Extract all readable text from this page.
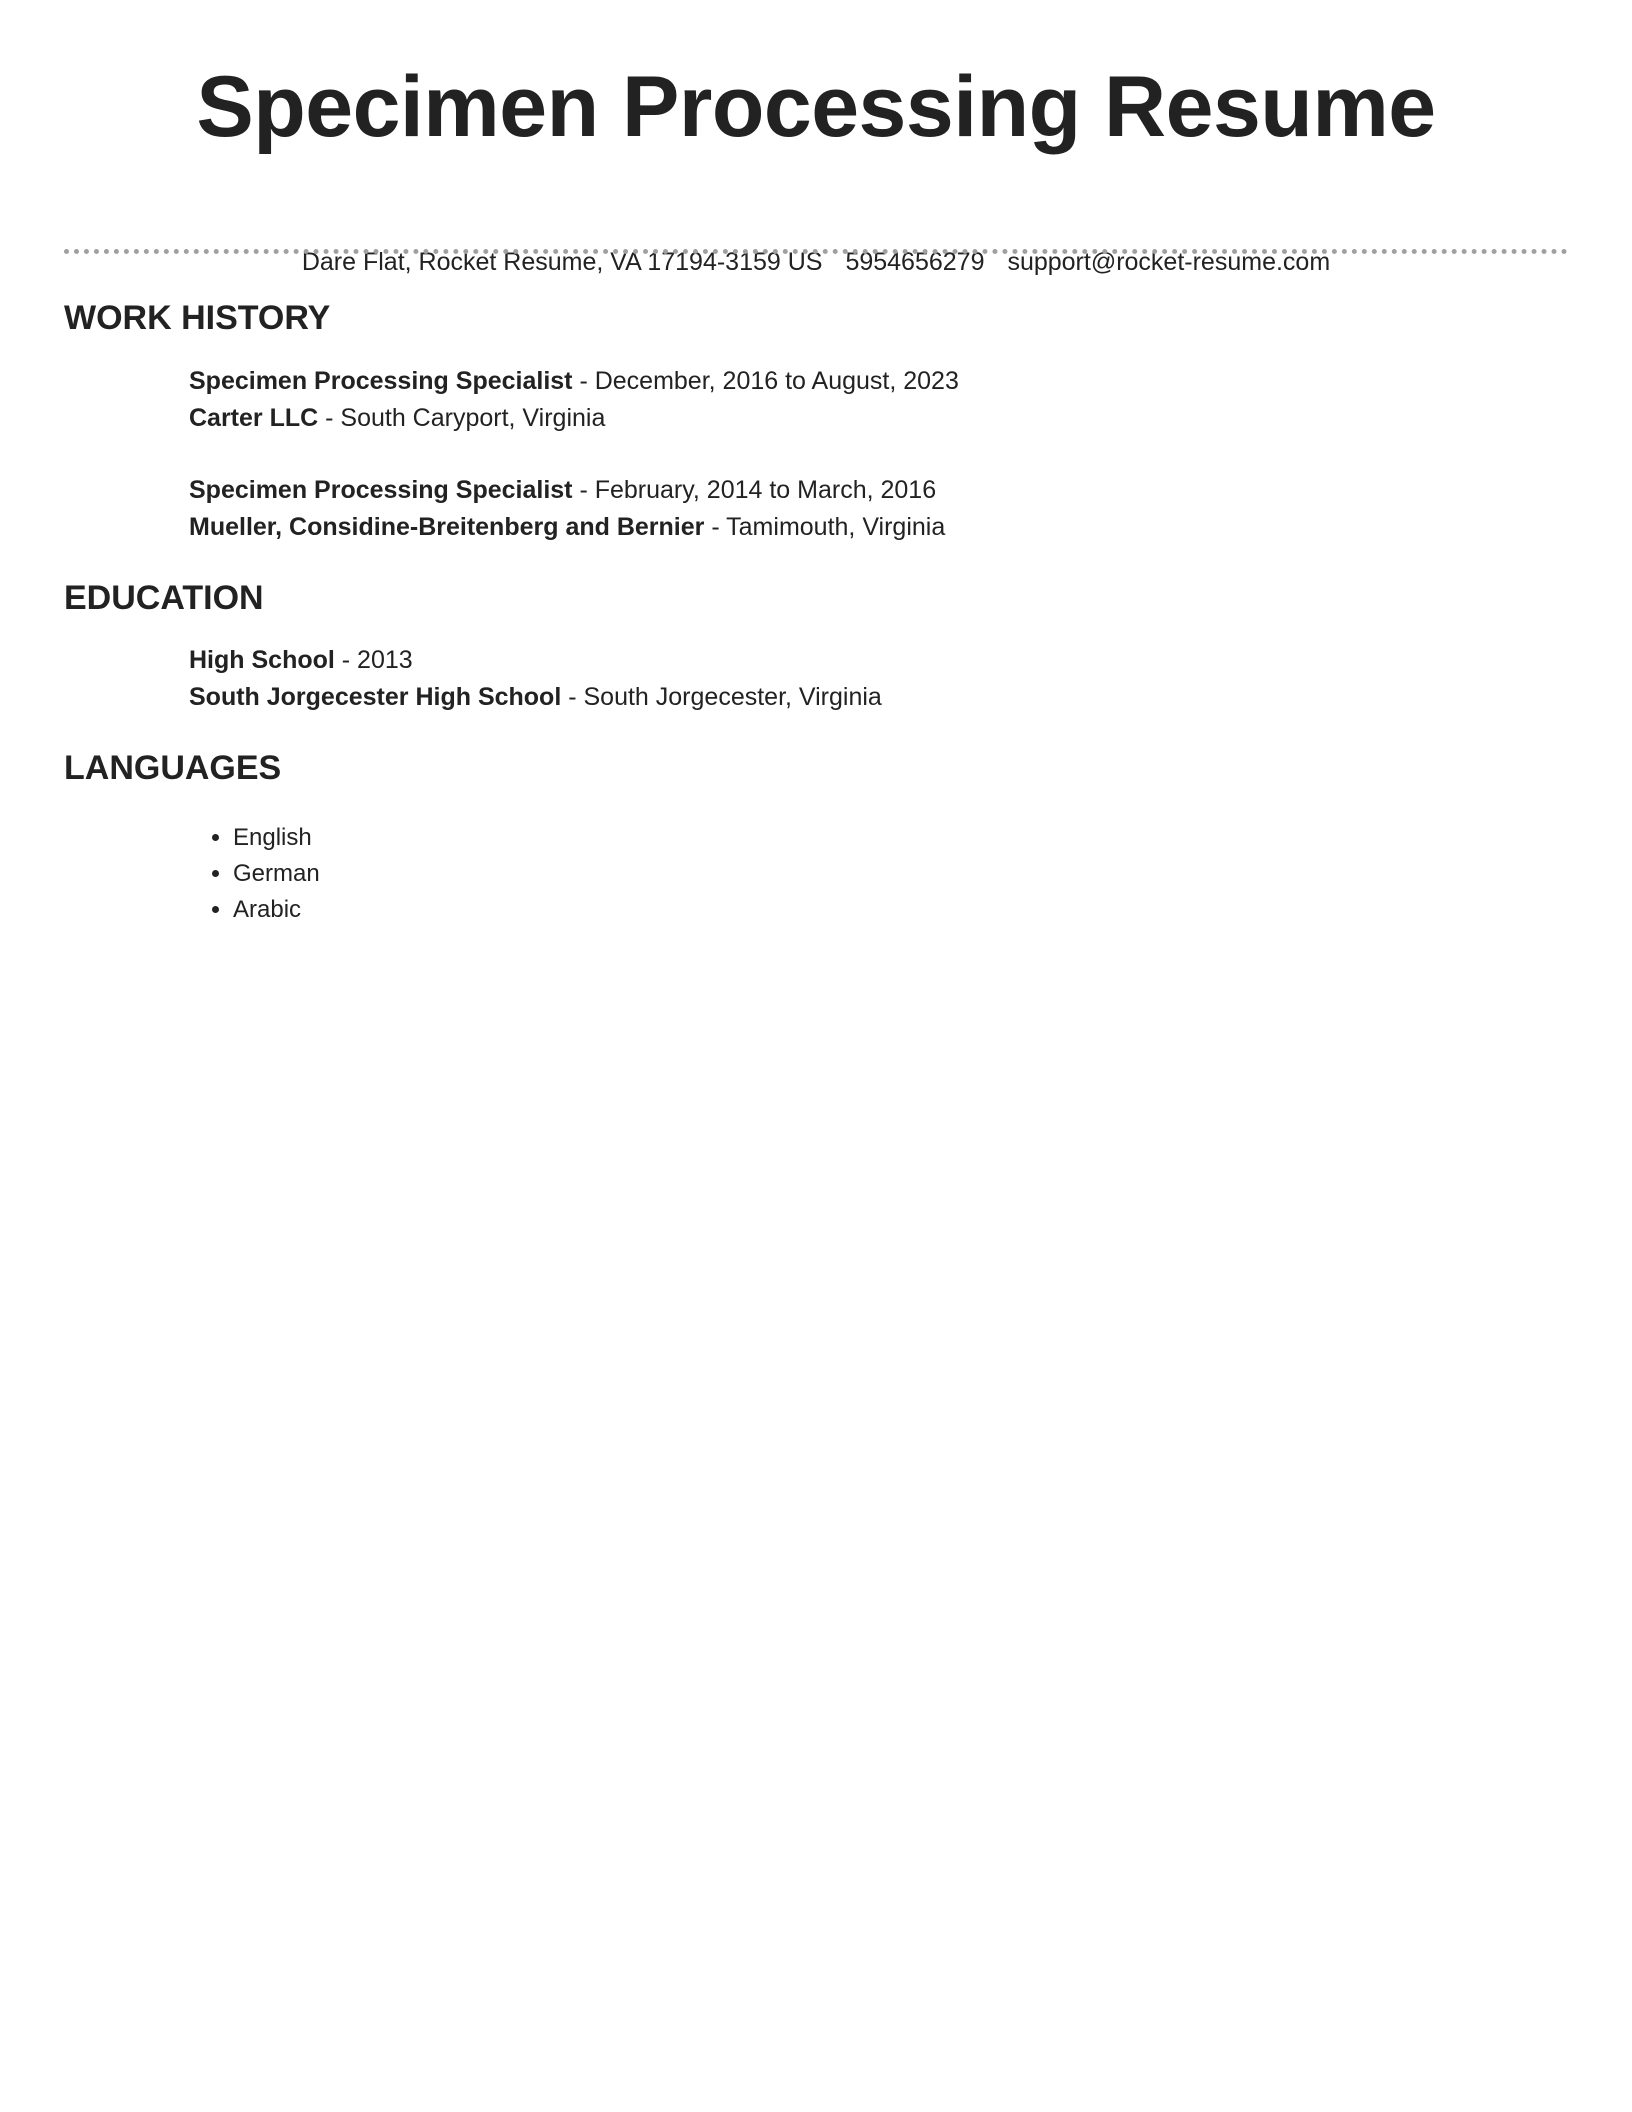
Specimen Processing Resume
Dare Flat, Rocket Resume, VA 17194-3159 US 5954656279 support@rocket-resume.com
WORK HISTORY
Specimen Processing Specialist - December, 2016 to August, 2023
Carter LLC - South Caryport, Virginia
Specimen Processing Specialist - February, 2014 to March, 2016
Mueller, Considine-Breitenberg and Bernier - Tamimouth, Virginia
EDUCATION
High School - 2013
South Jorgecester High School - South Jorgecester, Virginia
LANGUAGES
• English
• German
• Arabic
